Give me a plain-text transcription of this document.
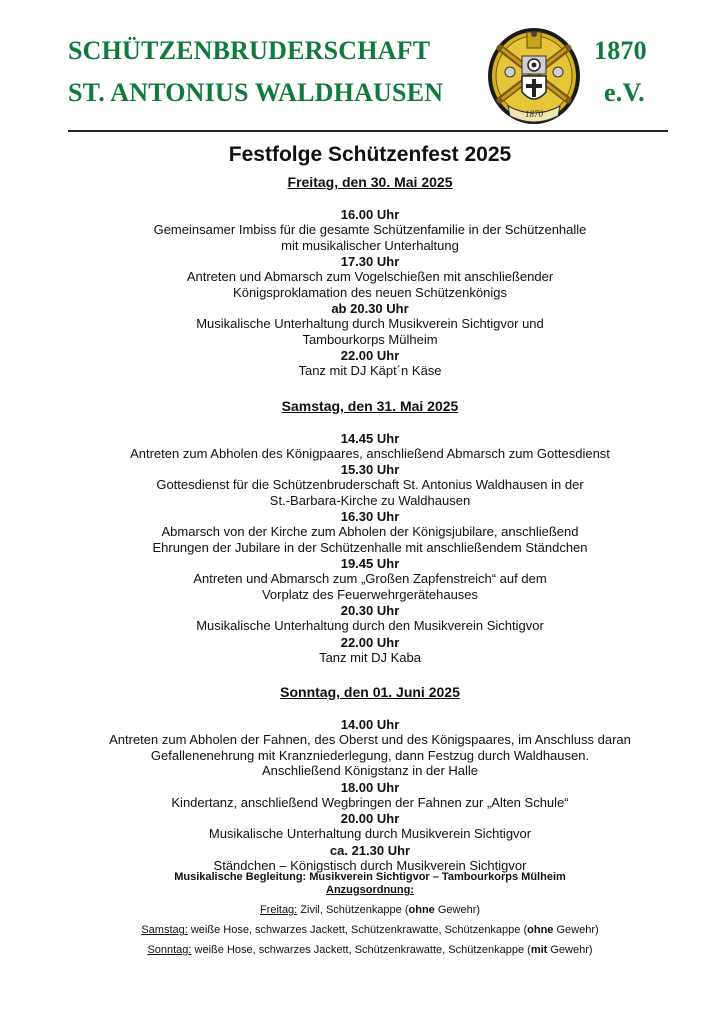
SCHÜTZENBRUDERSCHAFT
ST. ANTONIUS WALDHAUSEN
1870
e.V.
1870
Festfolge Schützenfest 2025
Freitag, den 30. Mai 2025
16.00 Uhr
Gemeinsamer Imbiss für die gesamte Schützenfamilie in der Schützenhalle
mit musikalischer Unterhaltung
17.30 Uhr
Antreten und Abmarsch zum Vogelschießen mit anschließender
Königsproklamation des neuen Schützenkönigs
ab 20.30 Uhr
Musikalische Unterhaltung durch Musikverein Sichtigvor und
Tambourkorps Mülheim
22.00 Uhr
Tanz mit DJ Käpt´n Käse
Samstag, den 31. Mai 2025
14.45 Uhr
Antreten zum Abholen des Königpaares, anschließend Abmarsch zum Gottesdienst
15.30 Uhr
Gottesdienst für die Schützenbruderschaft St. Antonius Waldhausen in der
St.-Barbara-Kirche zu Waldhausen
16.30 Uhr
Abmarsch von der Kirche zum Abholen der Königsjubilare, anschließend
Ehrungen der Jubilare in der Schützenhalle mit anschließendem Ständchen
19.45 Uhr
Antreten und Abmarsch zum „Großen Zapfenstreich“ auf dem
Vorplatz des Feuerwehrgerätehauses
20.30 Uhr
Musikalische Unterhaltung durch den Musikverein Sichtigvor
22.00 Uhr
Tanz mit DJ Kaba
Sonntag, den 01. Juni 2025
14.00 Uhr
Antreten zum Abholen der Fahnen, des Oberst und des Königspaares, im Anschluss daran
Gefallenenehrung mit Kranzniederlegung, dann Festzug durch Waldhausen.
Anschließend Königstanz in der Halle
18.00 Uhr
Kindertanz, anschließend Wegbringen der Fahnen zur „Alten Schule“
20.00 Uhr
Musikalische Unterhaltung durch Musikverein Sichtigvor
ca. 21.30 Uhr
Ständchen – Königstisch durch Musikverein Sichtigvor
Musikalische Begleitung: Musikverein Sichtigvor – Tambourkorps Mülheim
Anzugsordnung:
Freitag: Zivil, Schützenkappe (ohne Gewehr)
Samstag: weiße Hose, schwarzes Jackett, Schützenkrawatte, Schützenkappe (ohne Gewehr)
Sonntag: weiße Hose, schwarzes Jackett, Schützenkrawatte, Schützenkappe (mit Gewehr)
